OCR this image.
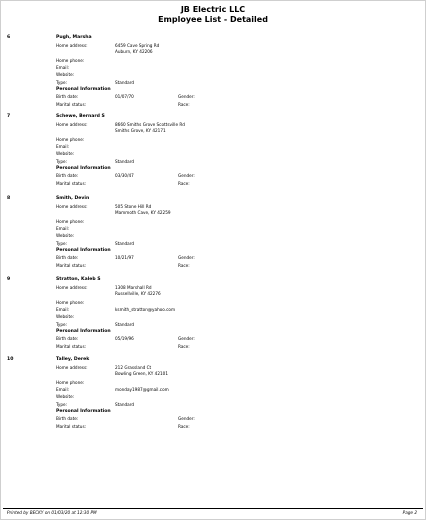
JB Electric LLC
Employee List - Detailed
6	Pugh, Marsha
Home address:	6459 Cave Spring Rd
Auburn, KY 42206
Home phone:
Email:
Website:
Type:	Standard
Personal Information
Birth date:	01/07/70	Gender:
Marital status:	Race:
7	Schewe, Bernard S
Home address:	8660 Smiths Grove Scottsville Rd
Smiths Grove, KY 42171
Home phone:
Email:
Website:
Type:	Standard
Personal Information
Birth date:	03/30/47	Gender:
Marital status:	Race:
8	Smith, Devin
Home address:	505 Stone Hill Rd
Mammoth Cave, KY 42259
Home phone:
Email:
Website:
Type:	Standard
Personal Information
Birth date:	10/21/97	Gender:
Marital status:	Race:
9	Stratton, Kaleb S
Home address:	1308 Marshall Rd
Russellville, KY 42276
Home phone:
Email:	ksmith_stratton@yahoo.com
Website:
Type:	Standard
Personal Information
Birth date:	05/19/96	Gender:
Marital status:	Race:
10	Talley, Derek
Home address:	212 Grassland Ct
Bowling Green, KY 42101
Home phone:
Email:	monday1987@gmail.com
Website:
Type:	Standard
Personal Information
Birth date:	Gender:
Marital status:	Race:
Printed by BECKY on 01/03/20 at 12:30 PM	Page 2
